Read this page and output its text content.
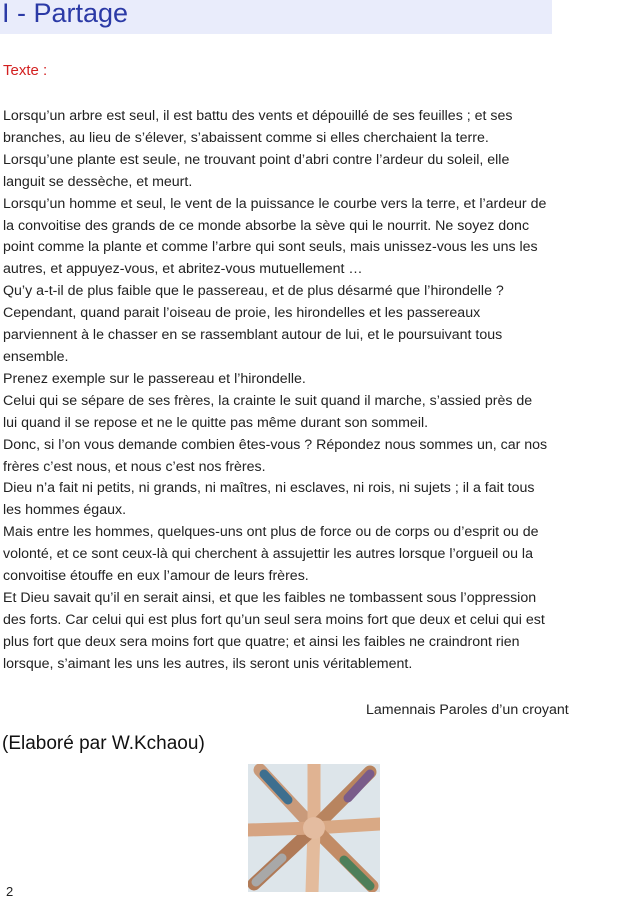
I - Partage
Texte :
Lorsqu’un arbre est seul, il est battu des vents et dépouillé de ses feuilles ; et ses
branches, au lieu de s’élever, s’abaissent comme si elles cherchaient la terre.
Lorsqu’une plante est seule, ne trouvant point d’abri contre l’ardeur du soleil, elle
languit se dessèche, et meurt.
Lorsqu’un homme et seul, le vent de la puissance le courbe vers la terre, et l’ardeur de
la convoitise des grands de ce monde absorbe la sève qui le nourrit. Ne soyez donc
point comme la plante et comme l’arbre qui sont seuls, mais unissez-vous les uns les
autres, et appuyez-vous, et abritez-vous mutuellement …
Qu’y a-t-il de plus faible que le passereau, et de plus désarmé que l’hirondelle ?
Cependant, quand parait l’oiseau de proie, les hirondelles et les passereaux
parviennent à le chasser en se rassemblant autour de lui, et le poursuivant tous
ensemble.
Prenez exemple sur le passereau et l’hirondelle.
Celui qui se sépare de ses frères, la crainte le suit quand il marche, s’assied près de
lui quand il se repose et ne le quitte pas même durant son sommeil.
Donc, si l’on vous demande combien êtes-vous ? Répondez nous sommes un, car nos
frères c’est nous, et nous c’est nos frères.
Dieu n’a fait ni petits, ni grands, ni maîtres, ni esclaves, ni rois, ni sujets ; il a fait tous
les hommes égaux.
Mais entre les hommes, quelques-uns ont plus de force ou de corps ou d’esprit ou de
volonté, et ce sont ceux-là qui cherchent à assujettir les autres lorsque l’orgueil ou la
convoitise étouffe en eux l’amour de leurs frères.
Et Dieu savait qu’il en serait ainsi, et que les faibles ne tombassent sous l’oppression
des forts. Car celui qui est plus fort qu’un seul sera moins fort que deux et celui qui est
plus fort que deux sera moins fort que quatre; et ainsi les faibles ne craindront rien
lorsque, s’aimant les uns les autres, ils seront unis véritablement.
Lamennais Paroles d’un croyant
(Elaboré par W.Kchaou)
2
